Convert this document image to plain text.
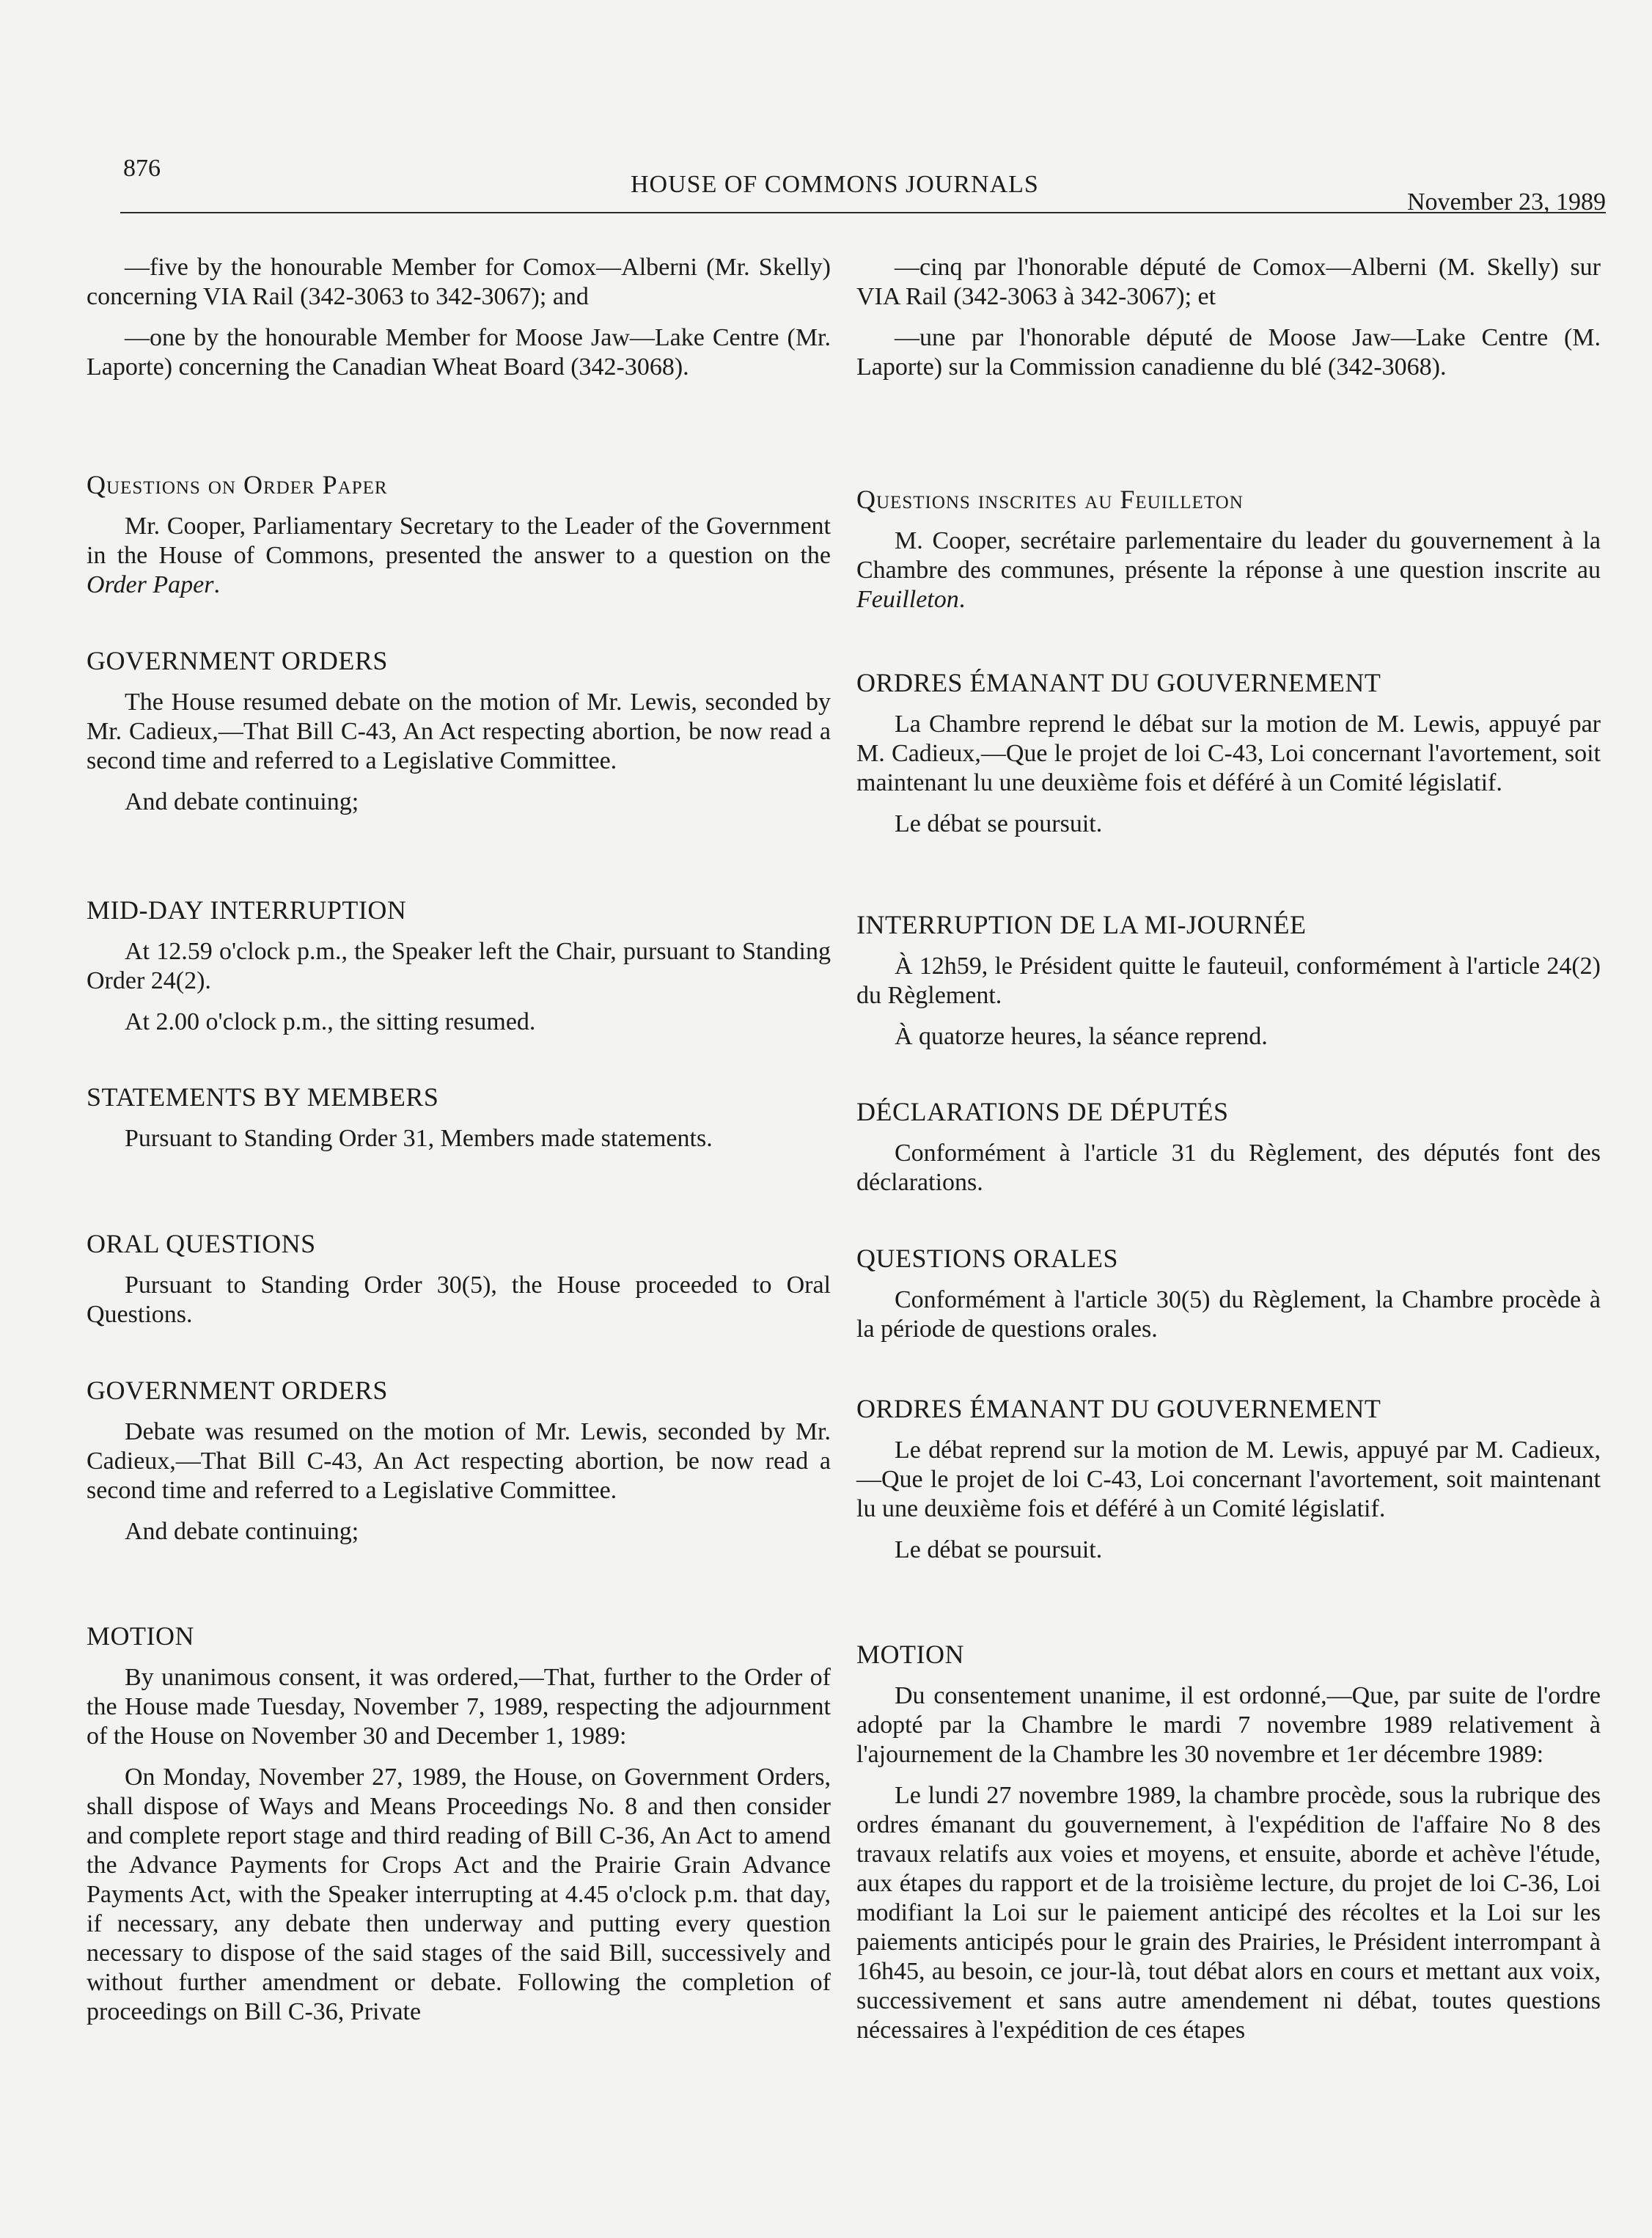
876
HOUSE OF COMMONS JOURNALS
November 23, 1989

—five by the honourable Member for Comox—Alberni (Mr. Skelly) concerning VIA Rail (342-3063 to 342-3067); and

—one by the honourable Member for Moose Jaw—Lake Centre (Mr. Laporte) concerning the Canadian Wheat Board (342-3068).

Questions on Order Paper

Mr. Cooper, Parliamentary Secretary to the Leader of the Government in the House of Commons, presented the answer to a question on the Order Paper.

GOVERNMENT ORDERS

The House resumed debate on the motion of Mr. Lewis, seconded by Mr. Cadieux,—That Bill C-43, An Act respecting abortion, be now read a second time and referred to a Legislative Committee.

And debate continuing;

MID-DAY INTERRUPTION

At 12.59 o'clock p.m., the Speaker left the Chair, pursuant to Standing Order 24(2).

At 2.00 o'clock p.m., the sitting resumed.

STATEMENTS BY MEMBERS

Pursuant to Standing Order 31, Members made statements.

ORAL QUESTIONS

Pursuant to Standing Order 30(5), the House proceeded to Oral Questions.

GOVERNMENT ORDERS

Debate was resumed on the motion of Mr. Lewis, seconded by Mr. Cadieux,—That Bill C-43, An Act respecting abortion, be now read a second time and referred to a Legislative Committee.

And debate continuing;

MOTION

By unanimous consent, it was ordered,—That, further to the Order of the House made Tuesday, November 7, 1989, respecting the adjournment of the House on November 30 and December 1, 1989:

On Monday, November 27, 1989, the House, on Government Orders, shall dispose of Ways and Means Proceedings No. 8 and then consider and complete report stage and third reading of Bill C-36, An Act to amend the Advance Payments for Crops Act and the Prairie Grain Advance Payments Act, with the Speaker interrupting at 4.45 o'clock p.m. that day, if necessary, any debate then underway and putting every question necessary to dispose of the said stages of the said Bill, successively and without further amendment or debate. Following the completion of proceedings on Bill C-36, Private

—cinq par l'honorable député de Comox—Alberni (M. Skelly) sur VIA Rail (342-3063 à 342-3067); et

—une par l'honorable député de Moose Jaw—Lake Centre (M. Laporte) sur la Commission canadienne du blé (342-3068).

Questions inscrites au Feuilleton

M. Cooper, secrétaire parlementaire du leader du gouvernement à la Chambre des communes, présente la réponse à une question inscrite au Feuilleton.

ORDRES ÉMANANT DU GOUVERNEMENT

La Chambre reprend le débat sur la motion de M. Lewis, appuyé par M. Cadieux,—Que le projet de loi C-43, Loi concernant l'avortement, soit maintenant lu une deuxième fois et déféré à un Comité législatif.

Le débat se poursuit.

INTERRUPTION DE LA MI-JOURNÉE

À 12h59, le Président quitte le fauteuil, conformément à l'article 24(2) du Règlement.

À quatorze heures, la séance reprend.

DÉCLARATIONS DE DÉPUTÉS

Conformément à l'article 31 du Règlement, des députés font des déclarations.

QUESTIONS ORALES

Conformément à l'article 30(5) du Règlement, la Chambre procède à la période de questions orales.

ORDRES ÉMANANT DU GOUVERNEMENT

Le débat reprend sur la motion de M. Lewis, appuyé par M. Cadieux,—Que le projet de loi C-43, Loi concernant l'avortement, soit maintenant lu une deuxième fois et déféré à un Comité législatif.

Le débat se poursuit.

MOTION

Du consentement unanime, il est ordonné,—Que, par suite de l'ordre adopté par la Chambre le mardi 7 novembre 1989 relativement à l'ajournement de la Chambre les 30 novembre et 1er décembre 1989:

Le lundi 27 novembre 1989, la chambre procède, sous la rubrique des ordres émanant du gouvernement, à l'expédition de l'affaire No 8 des travaux relatifs aux voies et moyens, et ensuite, aborde et achève l'étude, aux étapes du rapport et de la troisième lecture, du projet de loi C-36, Loi modifiant la Loi sur le paiement anticipé des récoltes et la Loi sur les paiements anticipés pour le grain des Prairies, le Président interrompant à 16h45, au besoin, ce jour-là, tout débat alors en cours et mettant aux voix, successivement et sans autre amendement ni débat, toutes questions nécessaires à l'expédition de ces étapes
